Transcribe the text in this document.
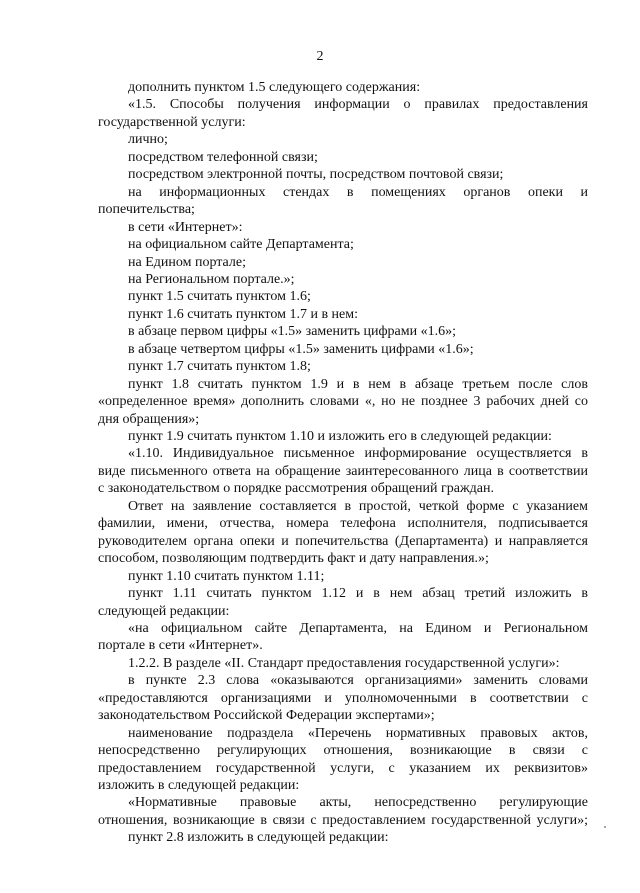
2
дополнить пунктом 1.5 следующего содержания:
«1.5. Способы получения информации о правилах предоставления
государственной услуги:
лично;
посредством телефонной связи;
посредством электронной почты, посредством почтовой связи;
на информационных стендах в помещениях органов опеки и
попечительства;
в сети «Интернет»:
на официальном сайте Департамента;
на Едином портале;
на Региональном портале.»;
пункт 1.5 считать пунктом 1.6;
пункт 1.6 считать пунктом 1.7 и в нем:
в абзаце первом цифры «1.5» заменить цифрами «1.6»;
в абзаце четвертом цифры «1.5» заменить цифрами «1.6»;
пункт 1.7 считать пунктом 1.8;
пункт 1.8 считать пунктом 1.9 и в нем в абзаце третьем после слов
«определенное время» дополнить словами «, но не позднее 3 рабочих дней со
дня обращения»;
пункт 1.9 считать пунктом 1.10 и изложить его в следующей редакции:
«1.10. Индивидуальное письменное информирование осуществляется в
виде письменного ответа на обращение заинтересованного лица в соответствии
с законодательством о порядке рассмотрения обращений граждан.
Ответ на заявление составляется в простой, четкой форме с указанием
фамилии, имени, отчества, номера телефона исполнителя, подписывается
руководителем органа опеки и попечительства (Департамента) и направляется
способом, позволяющим подтвердить факт и дату направления.»;
пункт 1.10 считать пунктом 1.11;
пункт 1.11 считать пунктом 1.12 и в нем абзац третий изложить в
следующей редакции:
«на официальном сайте Департамента, на Едином и Региональном
портале в сети «Интернет».
1.2.2. В разделе «II. Стандарт предоставления государственной услуги»:
в пункте 2.3 слова «оказываются организациями» заменить словами
«предоставляются организациями и уполномоченными в соответствии с
законодательством Российской Федерации экспертами»;
наименование подраздела «Перечень нормативных правовых актов,
непосредственно регулирующих отношения, возникающие в связи с
предоставлением государственной услуги, с указанием их реквизитов»
изложить в следующей редакции:
«Нормативные правовые акты, непосредственно регулирующие
отношения, возникающие в связи с предоставлением государственной услуги»;
пункт 2.8 изложить в следующей редакции:
